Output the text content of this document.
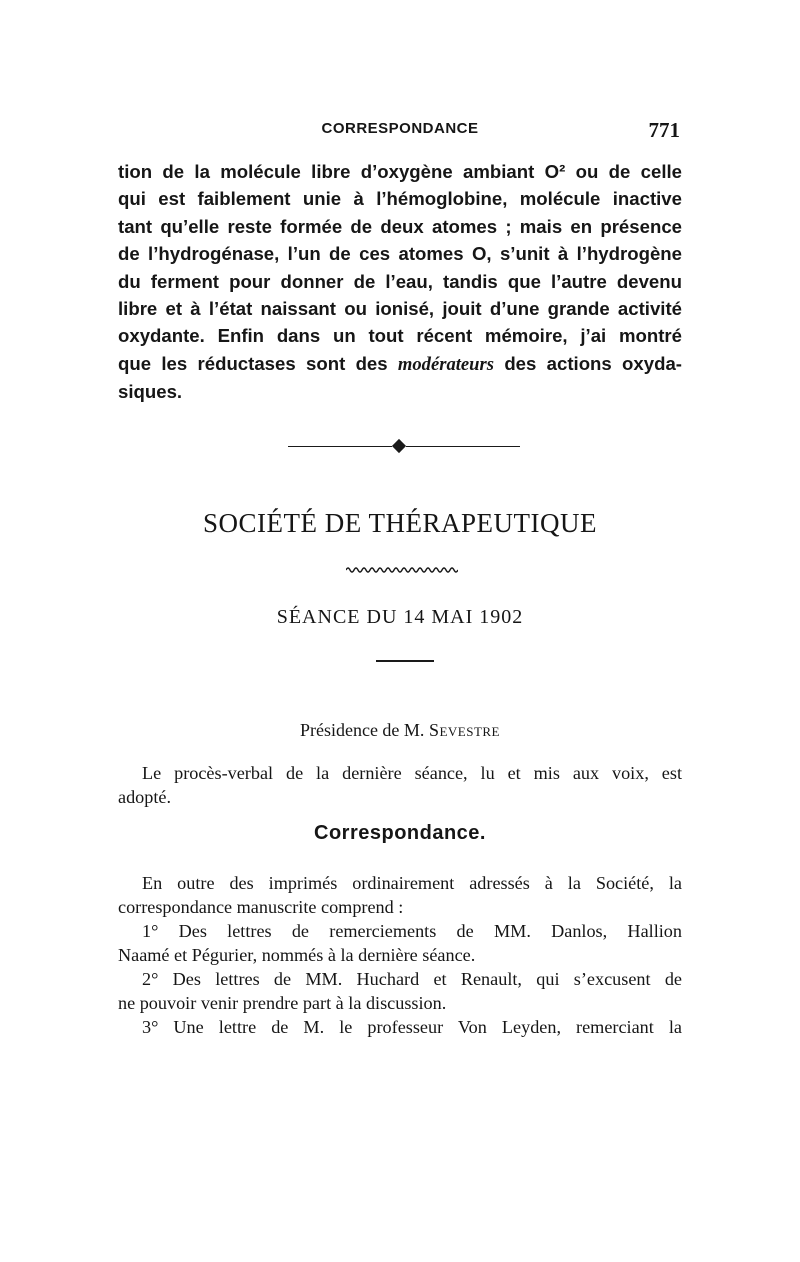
CORRESPONDANCE	771
tion de la molécule libre d’oxygène ambiant O² ou de celle
qui est faiblement unie à l’hémoglobine, molécule inactive
tant qu’elle reste formée de deux atomes ; mais en présence
de l’hydrogénase, l’un de ces atomes O, s’unit à l’hydrogène
du ferment pour donner de l’eau, tandis que l’autre devenu
libre et à l’état naissant ou ionisé, jouit d’une grande activité
oxydante. Enfin dans un tout récent mémoire, j’ai montré
que les réductases sont des modérateurs des actions oxyda-
siques.
SOCIÉTÉ DE THÉRAPEUTIQUE
SÉANCE DU 14 MAI 1902
Présidence de M. Sevestre
Le procès-verbal de la dernière séance, lu et mis aux voix, est
adopté.
Correspondance.
En outre des imprimés ordinairement adressés à la Société, la
correspondance manuscrite comprend :
1° Des lettres de remerciements de MM. Danlos, Hallion
Naamé et Pégurier, nommés à la dernière séance.
2° Des lettres de MM. Huchard et Renault, qui s’excusent de
ne pouvoir venir prendre part à la discussion.
3° Une lettre de M. le professeur Von Leyden, remerciant la
